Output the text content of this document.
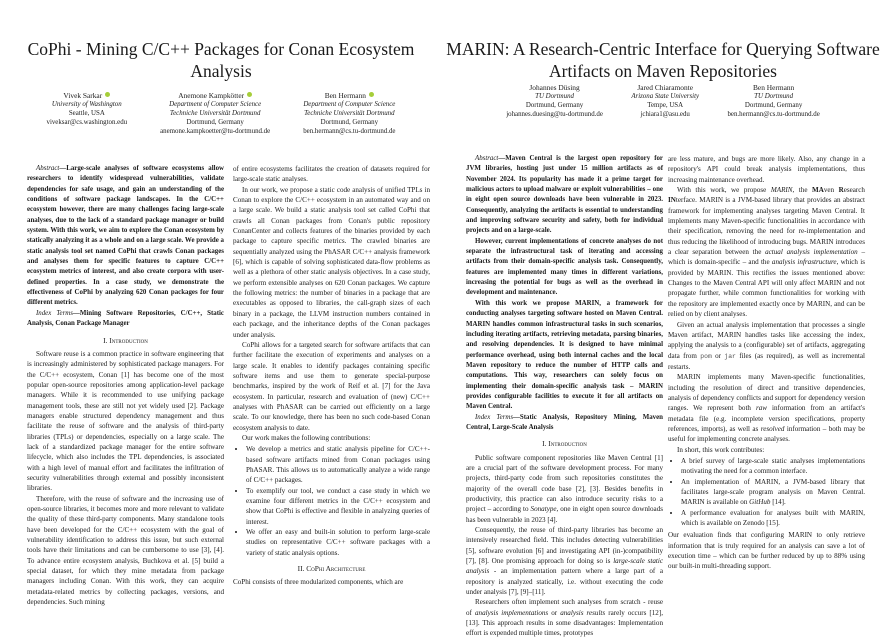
CoPhi - Mining C/C++ Packages for Conan Ecosystem Analysis
Vivek Sarkar
University of Washington
Seattle, USA
viveksar@cs.washington.edu
Anemone Kampkötter
Department of Computer Science
Techniche Universität Dortmund
Dortmund, Germany
anemone.kampkoetter@tu-dortmund.de
Ben Hermann
Department of Computer Science
Techniche Universität Dortmund
Dortmund, Germany
ben.hermann@cs.tu-dortmund.de

Abstract—Large-scale analyses of software ecosystems allow researchers to identify widespread vulnerabilities, validate dependencies for safe usage, and gain an understanding of the conditions of software package landscapes. In the C/C++ ecosystem however, there are many challenges facing large-scale analyses, due to the lack of a standard package manager or build system. With this work, we aim to explore the Conan ecosystem by statically analyzing it as a whole and on a large scale. We provide a static analysis tool set named CoPhi that crawls Conan packages and analyses them for specific features to capture C/C++ ecosystem metrics of interest, and also create corpora with user-defined properties. In a case study, we demonstrate the effectiveness of CoPhi by analyzing 620 Conan packages for four different metrics.

Index Terms—Mining Software Repositories, C/C++, Static Analysis, Conan Package Manager

I. Introduction

Software reuse is a common practice in software engineering that is increasingly administered by sophisticated package managers. For the C/C++ ecosystem, Conan [1] has become one of the most popular open-source repositories among application-level package managers. While it is recommended to use unifying package management tools, these are still not yet widely used [2]. Package managers enable structured dependency management and thus facilitate the reuse of software and the analysis of third-party libraries (TPLs) or dependencies, especially on a large scale. The lack of a standardized package manager for the entire software lifecycle, which also includes the TPL dependencies, is associated with a high level of manual effort and facilitates the infiltration of security vulnerabilities through external and possibly inconsistent libraries.

Therefore, with the reuse of software and the increasing use of open-source libraries, it becomes more and more relevant to validate the quality of these third-party components. Many standalone tools have been developed for the C/C++ ecosystem with the goal of vulnerability identification to address this issue, but such external tools have their limitations and can be cumbersome to use [3], [4]. To advance entire ecosystem analysis, Buchkova et al. [5] build a special dataset, for which they mine metadata from package managers including Conan. With this work, they can acquire metadata-related metrics by collecting packages, versions, and dependencies. Such mining

of entire ecosystems facilitates the creation of datasets required for large-scale static analyses.

In our work, we propose a static code analysis of unified TPLs in Conan to explore the C/C++ ecosystem in an automated way and on a large scale. We build a static analysis tool set called CoPhi that crawls all Conan packages from Conan's public repository ConanCenter and collects features of the binaries provided by each package to capture specific metrics. The crawled binaries are sequentially analyzed using the PhASAR C/C++ analysis framework [6], which is capable of solving sophisticated data-flow problems as well as a plethora of other static analysis objectives. In a case study, we perform extensible analyses on 620 Conan packages. We capture the following metrics: the number of binaries in a package that are executables as opposed to libraries, the call-graph sizes of each binary in a package, the LLVM instruction numbers contained in each package, and the inheritance depths of the Conan packages under analysis.

CoPhi allows for a targeted search for software artifacts that can further facilitate the execution of experiments and analyses on a large scale. It enables to identify packages containing specific software items and use them to generate special-purpose benchmarks, inspired by the work of Reif et al. [7] for the Java ecosystem. In particular, research and evaluation of (new) C/C++ analyses with PhASAR can be carried out efficiently on a large scale. To our knowledge, there has been no such code-based Conan ecosystem analysis to date.

Our work makes the following contributions:

• We develop a metrics and static analysis pipeline for C/C++-based software artifacts mined from Conan packages using PhASAR. This allows us to automatically analyze a wide range of C/C++ packages.
• To exemplify our tool, we conduct a case study in which we examine four different metrics in the C/C++ ecosystem and show that CoPhi is effective and flexible in analyzing queries of interest.
• We offer an easy and built-in solution to perform large-scale studies on representative C/C++ software packages with a variety of static analysis options.
II. CoPhi Architecture

CoPhi consists of three modularized components, which are

MARIN: A Research-Centric Interface for Querying Software Artifacts on Maven Repositories
Johannes Düsing
TU Dortmund
Dortmund, Germany
johannes.duesing@tu-dortmund.de
Jared Chiaramonte
Arizona State University
Tempe, USA
jchiara1@asu.edu
Ben Hermann
TU Dortmund
Dortmund, Germany
ben.hermann@cs.tu-dortmund.de

Abstract—Maven Central is the largest open repository for JVM libraries, hosting just under 15 million artifacts as of November 2024. Its popularity has made it a prime target for malicious actors to upload malware or exploit vulnerabilities – one in eight open source downloads have been vulnerable in 2023. Consequently, analyzing the artifacts is essential to understanding and improving software security and safety, both for individual projects and on a large-scale.

However, current implementations of concrete analyses do not separate the infrastructural task of iterating and accessing artifacts from their domain-specific analysis task. Consequently, features are implemented many times in different variations, increasing the potential for bugs as well as the overhead in development and maintenance.

With this work we propose MARIN, a framework for conducting analyses targeting software hosted on Maven Central. MARIN handles common infrastructural tasks in such scenarios, including iterating artifacts, retrieving metadata, parsing binaries, and resolving dependencies. It is designed to have minimal performance overhead, using both internal caches and the local Maven repository to reduce the number of HTTP calls and computations. This way, researchers can solely focus on implementing their domain-specific analysis task – MARIN provides configurable facilities to execute it for all artifacts on Maven Central.

Index Terms—Static Analysis, Repository Mining, Maven Central, Large-Scale Analysis

I. Introduction

Public software component repositories like Maven Central [1] are a crucial part of the software development process. For many projects, third-party code from such repositories constitutes the majority of the overall code base [2], [3]. Besides benefits in productivity, this practice can also introduce security risks to a project – according to Sonatype, one in eight open source downloads has been vulnerable in 2023 [4].

Consequently, the reuse of third-party libraries has become an intensively researched field. This includes detecting vulnerabilities [5], software evolution [6] and investigating API (in-)compatibility [7], [8]. One promising approach for doing so is large-scale static analysis - an implementation pattern where a large part of a repository is analyzed statically, i.e. without executing the code under analysis [7], [9]–[11].

Researchers often implement such analyses from scratch - reuse of analysis implementations or analysis results rarely occurs [12], [13]. This approach results in some disadvantages: Implementation effort is expended multiple times, prototypes

are less mature, and bugs are more likely. Also, any change in a repository's API could break analysis implementations, thus increasing maintenance overhead.

With this work, we propose MARIN, the MAven Research INterface. MARIN is a JVM-based library that provides an abstract framework for implementing analyses targeting Maven Central. It implements many Maven-specific functionalities in accordance with their specification, removing the need for re-implementation and thus reducing the likelihood of introducing bugs. MARIN introduces a clear separation between the actual analysis implementation – which is domain-specific – and the analysis infrastructure, which is provided by MARIN. This rectifies the issues mentioned above: Changes to the Maven Central API will only affect MARIN and not propagate further, while common functionalities for working with the repository are implemented exactly once by MARIN, and can be relied on by client analyses.

Given an actual analysis implementation that processes a single Maven artifact, MARIN handles tasks like accessing the index, applying the analysis to a (configurable) set of artifacts, aggregating data from pom or jar files (as required), as well as incremental restarts.

MARIN implements many Maven-specific functionalities, including the resolution of direct and transitive dependencies, analysis of dependency conflicts and support for dependency version ranges. We represent both raw information from an artifact's metadata file (e.g. incomplete version specifications, property references, imports), as well as resolved information – both may be useful for implementing concrete analyses.

In short, this work contributes:

• A brief survey of large-scale static analyses implementations motivating the need for a common interface.
• An implementation of MARIN, a JVM-based library that facilitates large-scale program analysis on Maven Central. MARIN is available on GitHub [14].
• A performance evaluation for analyses built with MARIN, which is available on Zenodo [15].

Our evaluation finds that configuring MARIN to only retrieve information that is truly required for an analysis can save a lot of execution time – which can be further reduced by up to 88% using our built-in multi-threading support.
